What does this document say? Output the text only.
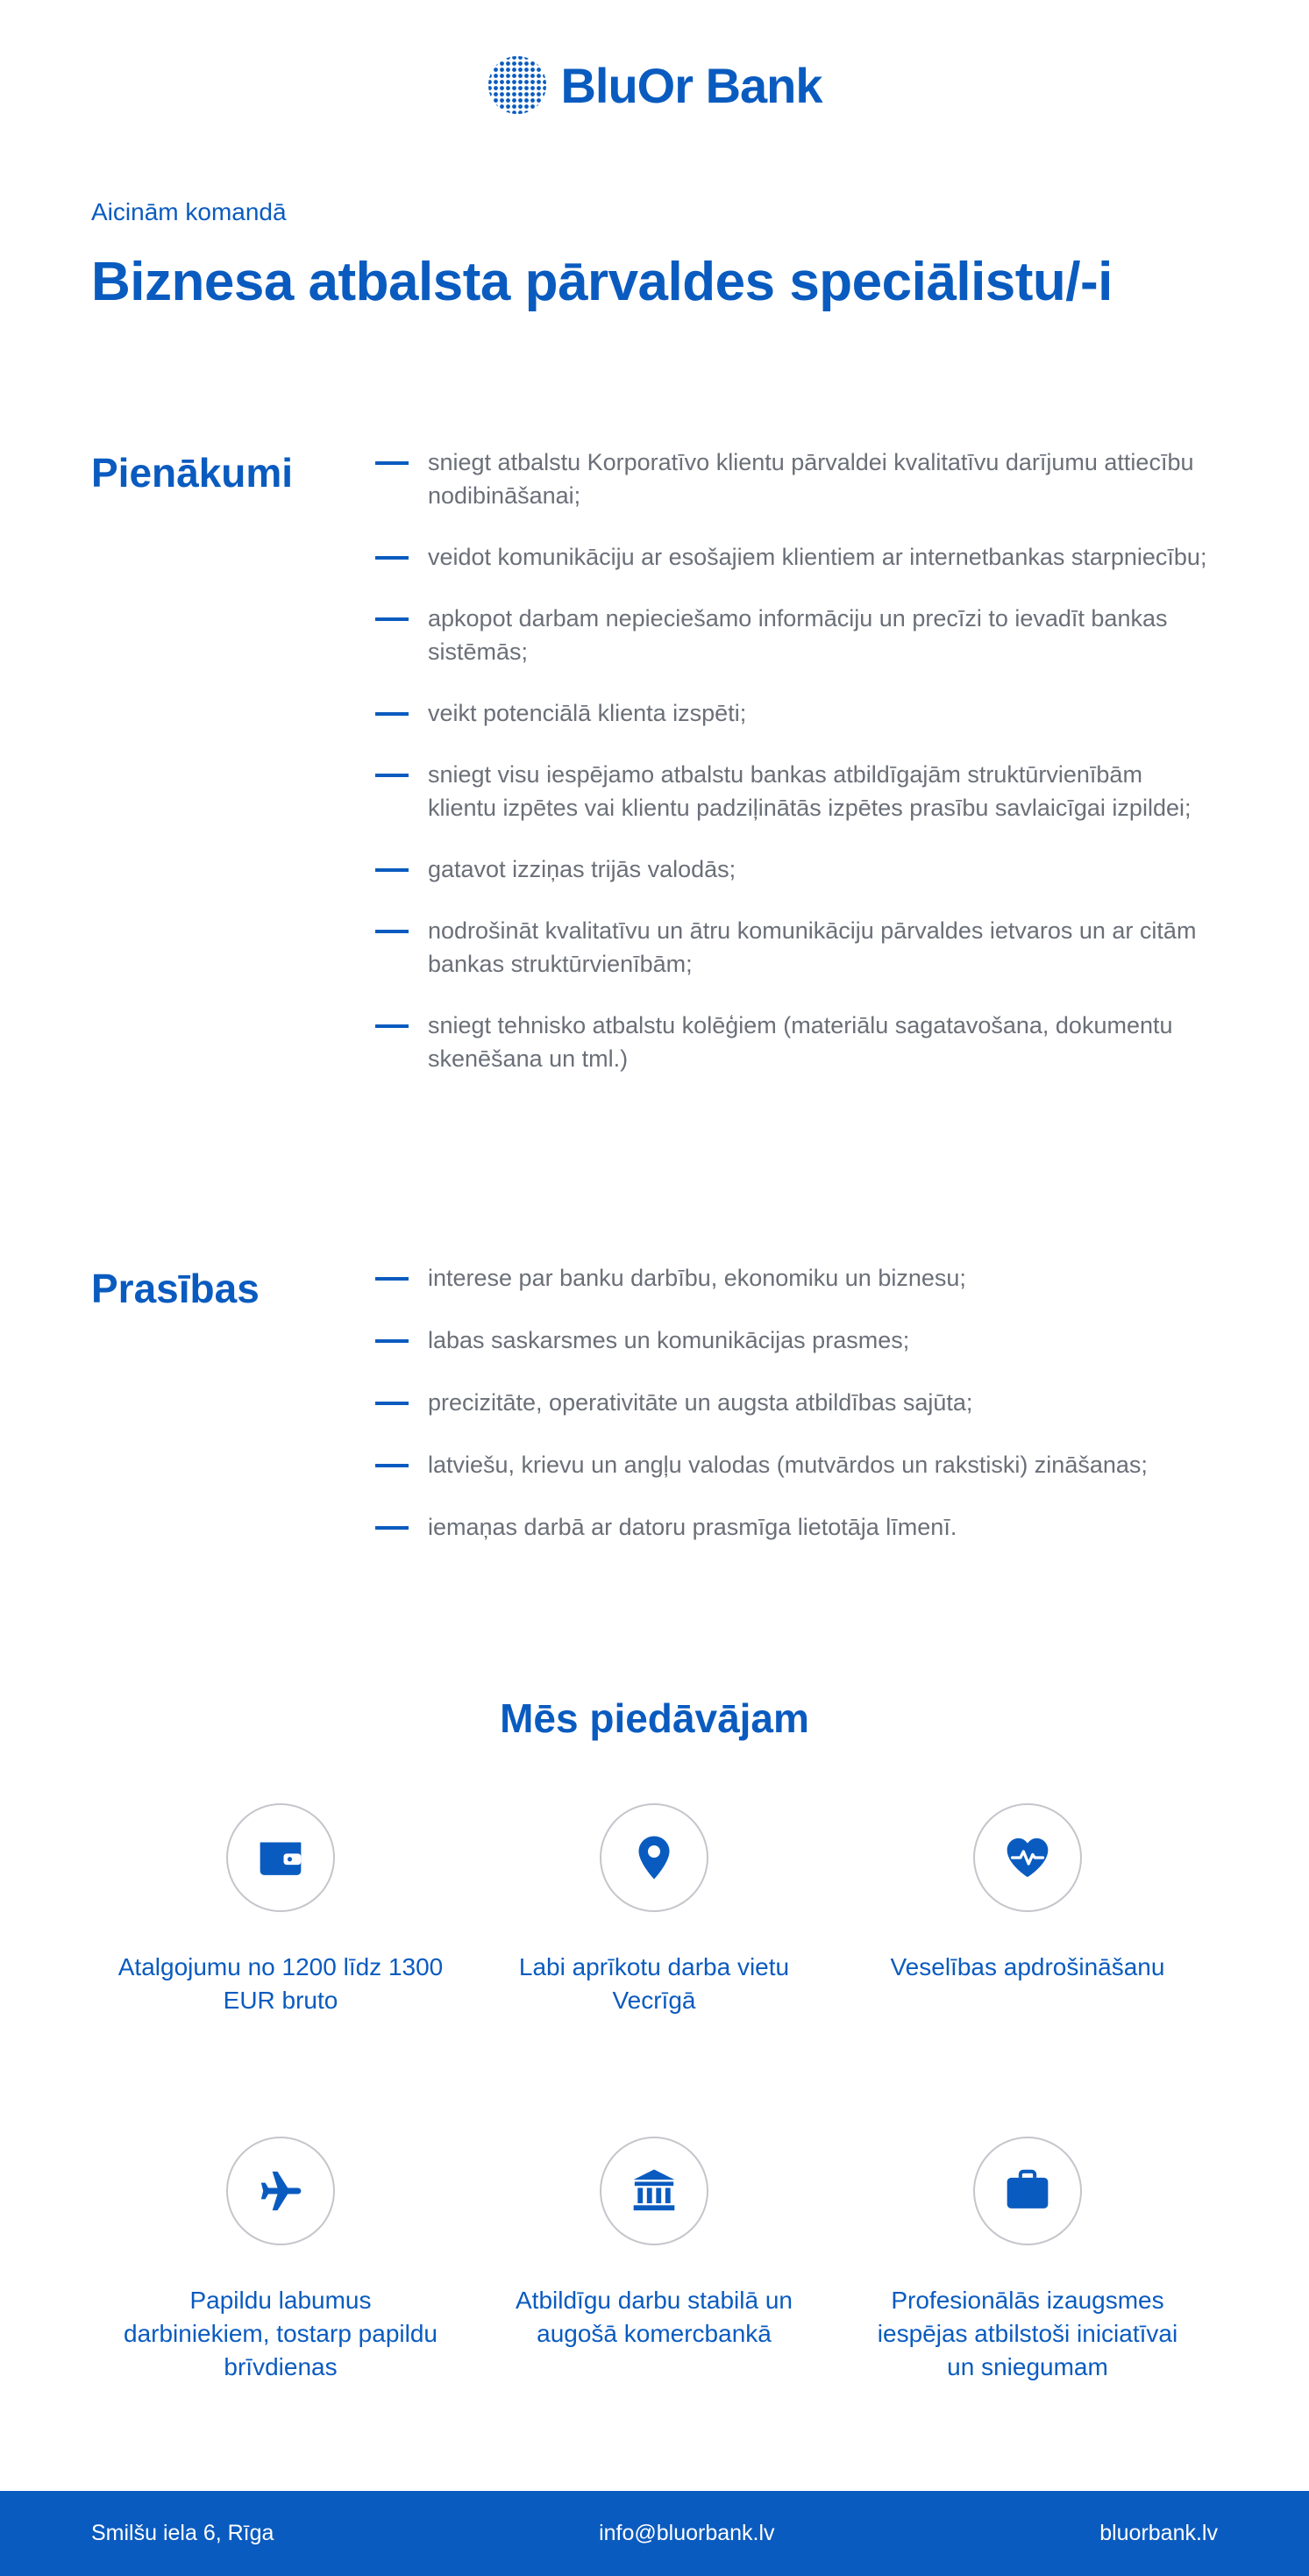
BluOr Bank
Aicinām komandā
Biznesa atbalsta pārvaldes speciālistu/-i
Pienākumi	sniegt atbalstu Korporatīvo klientu pārvaldei kvalitatīvu darījumu attiecību nodibināšanai;
veidot komunikāciju ar esošajiem klientiem ar internetbankas starpniecību;
apkopot darbam nepieciešamo informāciju un precīzi to ievadīt bankas sistēmās;
veikt potenciālā klienta izspēti;
sniegt visu iespējamo atbalstu bankas atbildīgajām struktūrvienībām klientu izpētes vai klientu padziļinātās izpētes prasību savlaicīgai izpildei;
gatavot izziņas trijās valodās;
nodrošināt kvalitatīvu un ātru komunikāciju pārvaldes ietvaros un ar citām bankas struktūrvienībām;
sniegt tehnisko atbalstu kolēģiem (materiālu sagatavošana, dokumentu skenēšana un tml.)
Prasības	interese par banku darbību, ekonomiku un biznesu;
labas saskarsmes un komunikācijas prasmes;
precizitāte, operativitāte un augsta atbildības sajūta;
latviešu, krievu un angļu valodas (mutvārdos un rakstiski) zināšanas;
iemaņas darbā ar datoru prasmīga lietotāja līmenī.
Mēs piedāvājam
Atalgojumu no 1200 līdz 1300 EUR bruto
Labi aprīkotu darba vietu Vecrīgā
Veselības apdrošināšanu
Papildu labumus darbiniekiem, tostarp papildu brīvdienas
Atbildīgu darbu stabilā un augošā komercbankā
Profesionālās izaugsmes iespējas atbilstoši iniciatīvai un sniegumam
Smilšu iela 6, Rīga	info@bluorbank.lv	bluorbank.lv
